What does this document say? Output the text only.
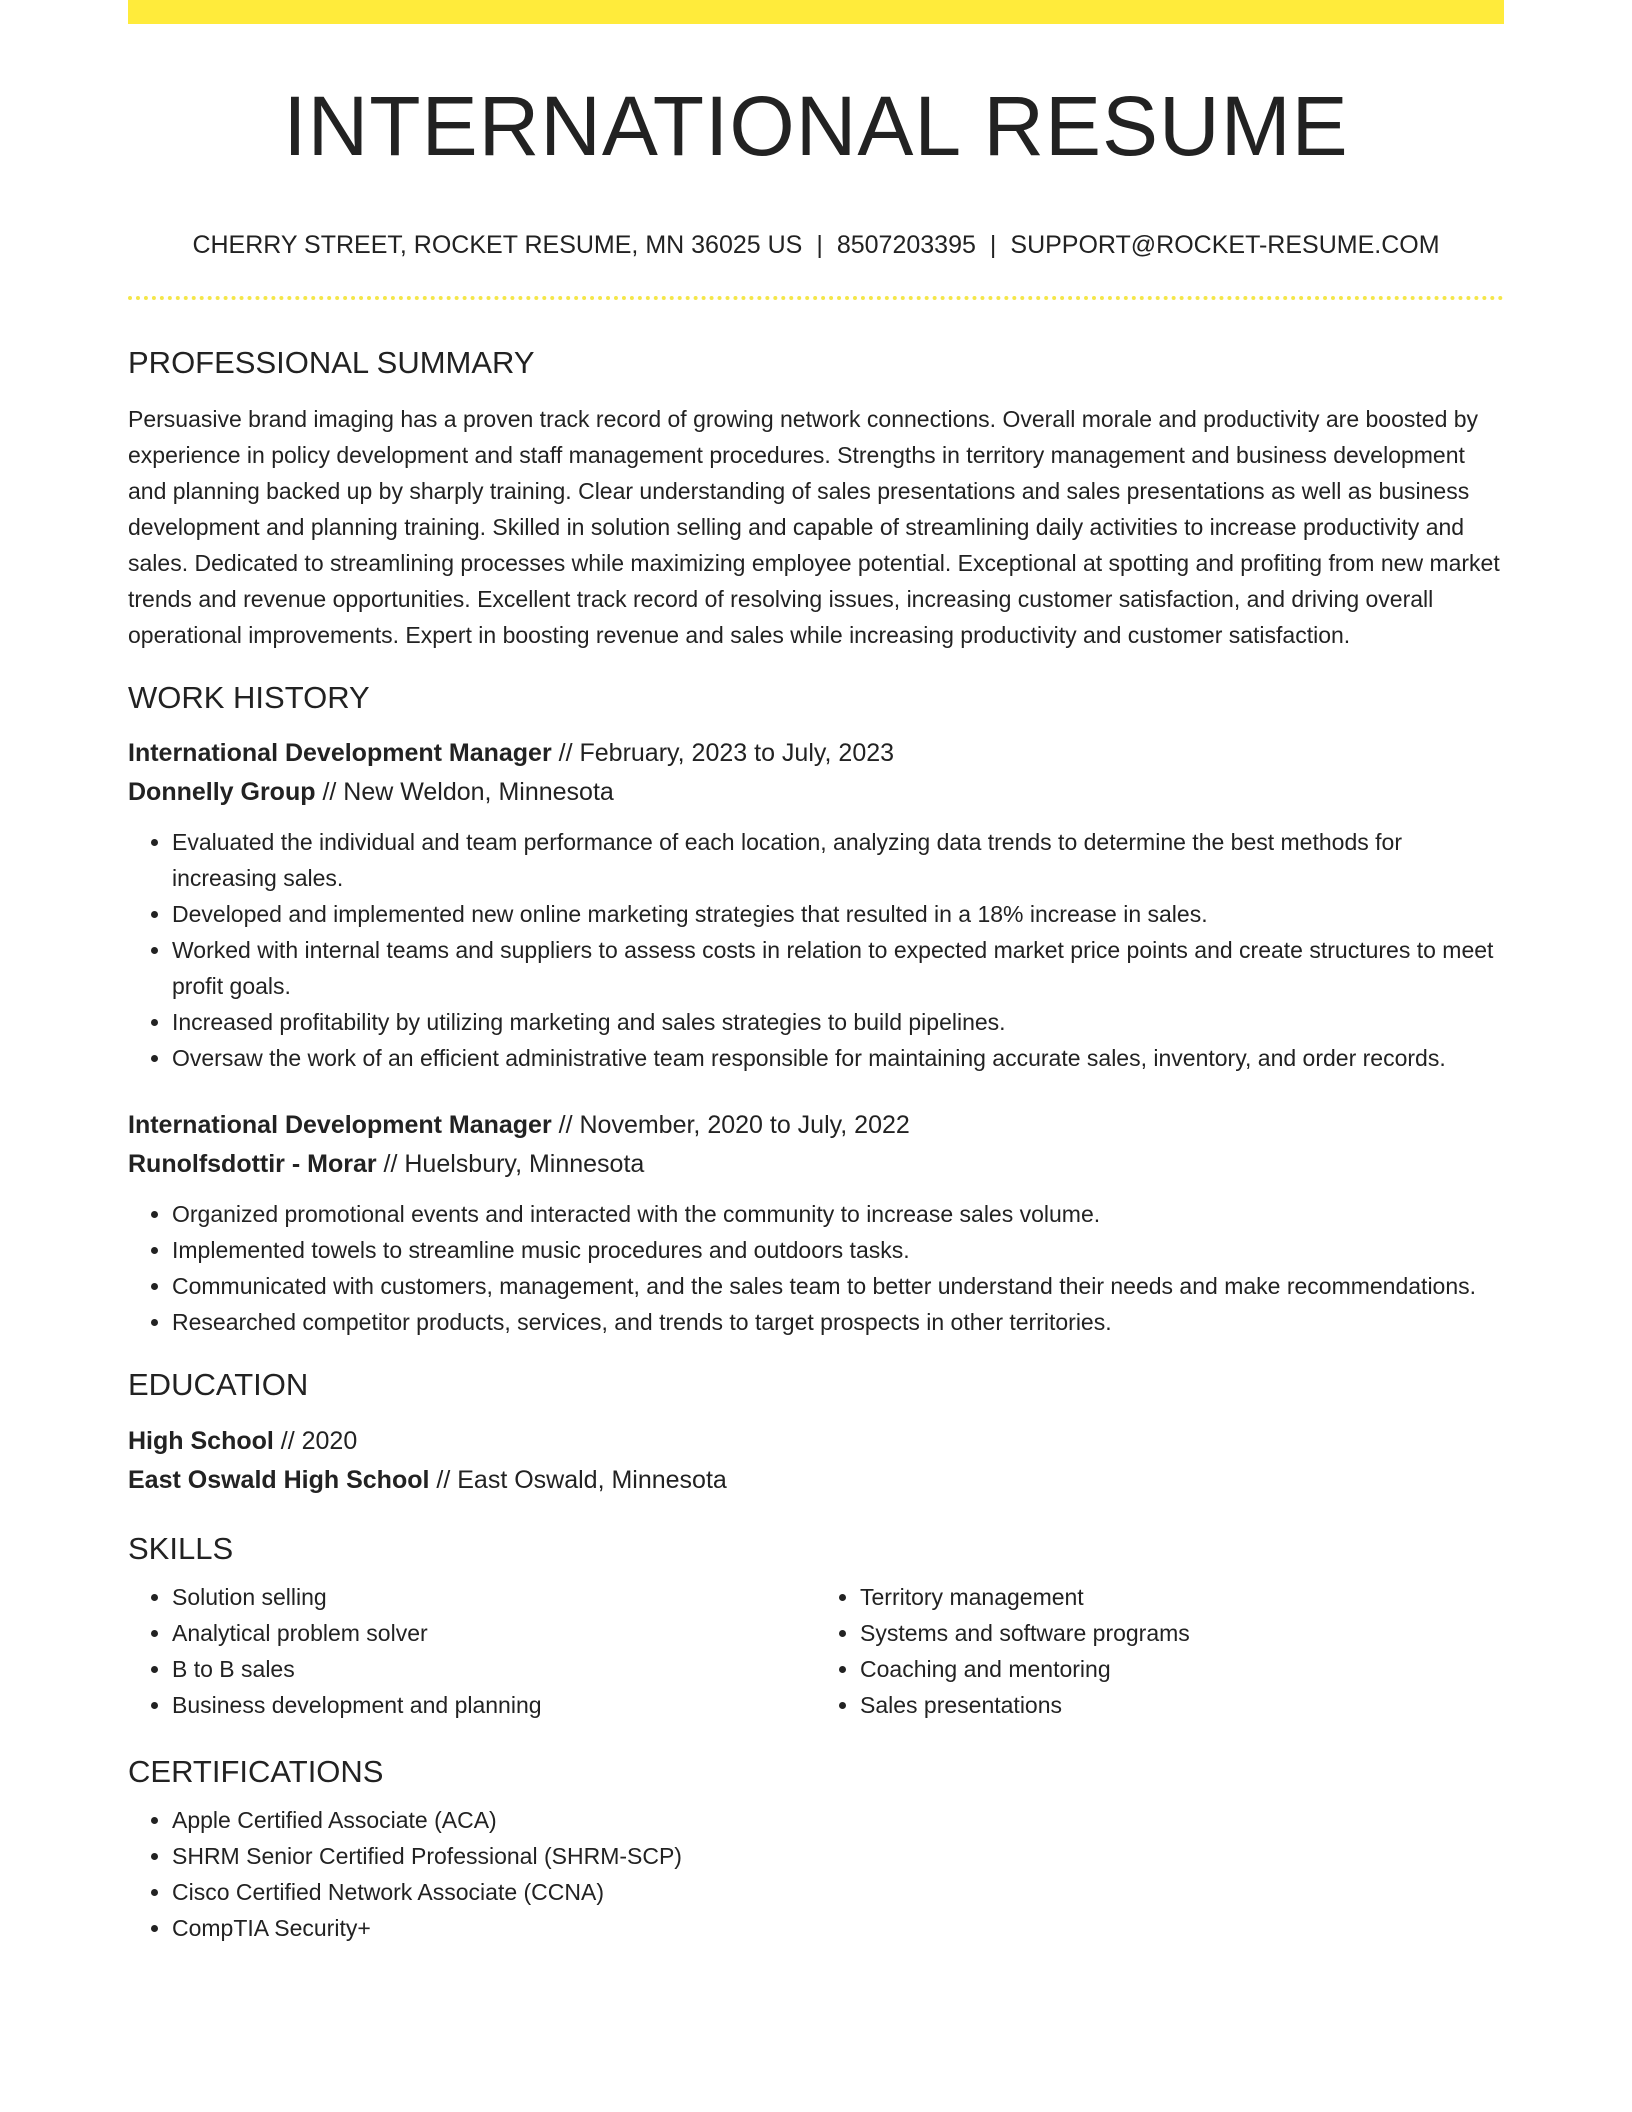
INTERNATIONAL RESUME
CHERRY STREET, ROCKET RESUME, MN 36025 US | 8507203395 | SUPPORT@ROCKET-RESUME.COM
PROFESSIONAL SUMMARY
Persuasive brand imaging has a proven track record of growing network connections. Overall morale and productivity are boosted by experience in policy development and staff management procedures. Strengths in territory management and business development and planning backed up by sharply training. Clear understanding of sales presentations and sales presentations as well as business development and planning training. Skilled in solution selling and capable of streamlining daily activities to increase productivity and sales. Dedicated to streamlining processes while maximizing employee potential. Exceptional at spotting and profiting from new market trends and revenue opportunities. Excellent track record of resolving issues, increasing customer satisfaction, and driving overall operational improvements. Expert in boosting revenue and sales while increasing productivity and customer satisfaction.
WORK HISTORY
International Development Manager // February, 2023 to July, 2023
Donnelly Group // New Weldon, Minnesota
• Evaluated the individual and team performance of each location, analyzing data trends to determine the best methods for increasing sales.
• Developed and implemented new online marketing strategies that resulted in a 18% increase in sales.
• Worked with internal teams and suppliers to assess costs in relation to expected market price points and create structures to meet profit goals.
• Increased profitability by utilizing marketing and sales strategies to build pipelines.
• Oversaw the work of an efficient administrative team responsible for maintaining accurate sales, inventory, and order records.
International Development Manager // November, 2020 to July, 2022
Runolfsdottir - Morar // Huelsbury, Minnesota
• Organized promotional events and interacted with the community to increase sales volume.
• Implemented towels to streamline music procedures and outdoors tasks.
• Communicated with customers, management, and the sales team to better understand their needs and make recommendations.
• Researched competitor products, services, and trends to target prospects in other territories.
EDUCATION
High School // 2020
East Oswald High School // East Oswald, Minnesota
SKILLS
• Solution selling
• Analytical problem solver
• B to B sales
• Business development and planning
• Territory management
• Systems and software programs
• Coaching and mentoring
• Sales presentations
CERTIFICATIONS
• Apple Certified Associate (ACA)
• SHRM Senior Certified Professional (SHRM-SCP)
• Cisco Certified Network Associate (CCNA)
• CompTIA Security+
